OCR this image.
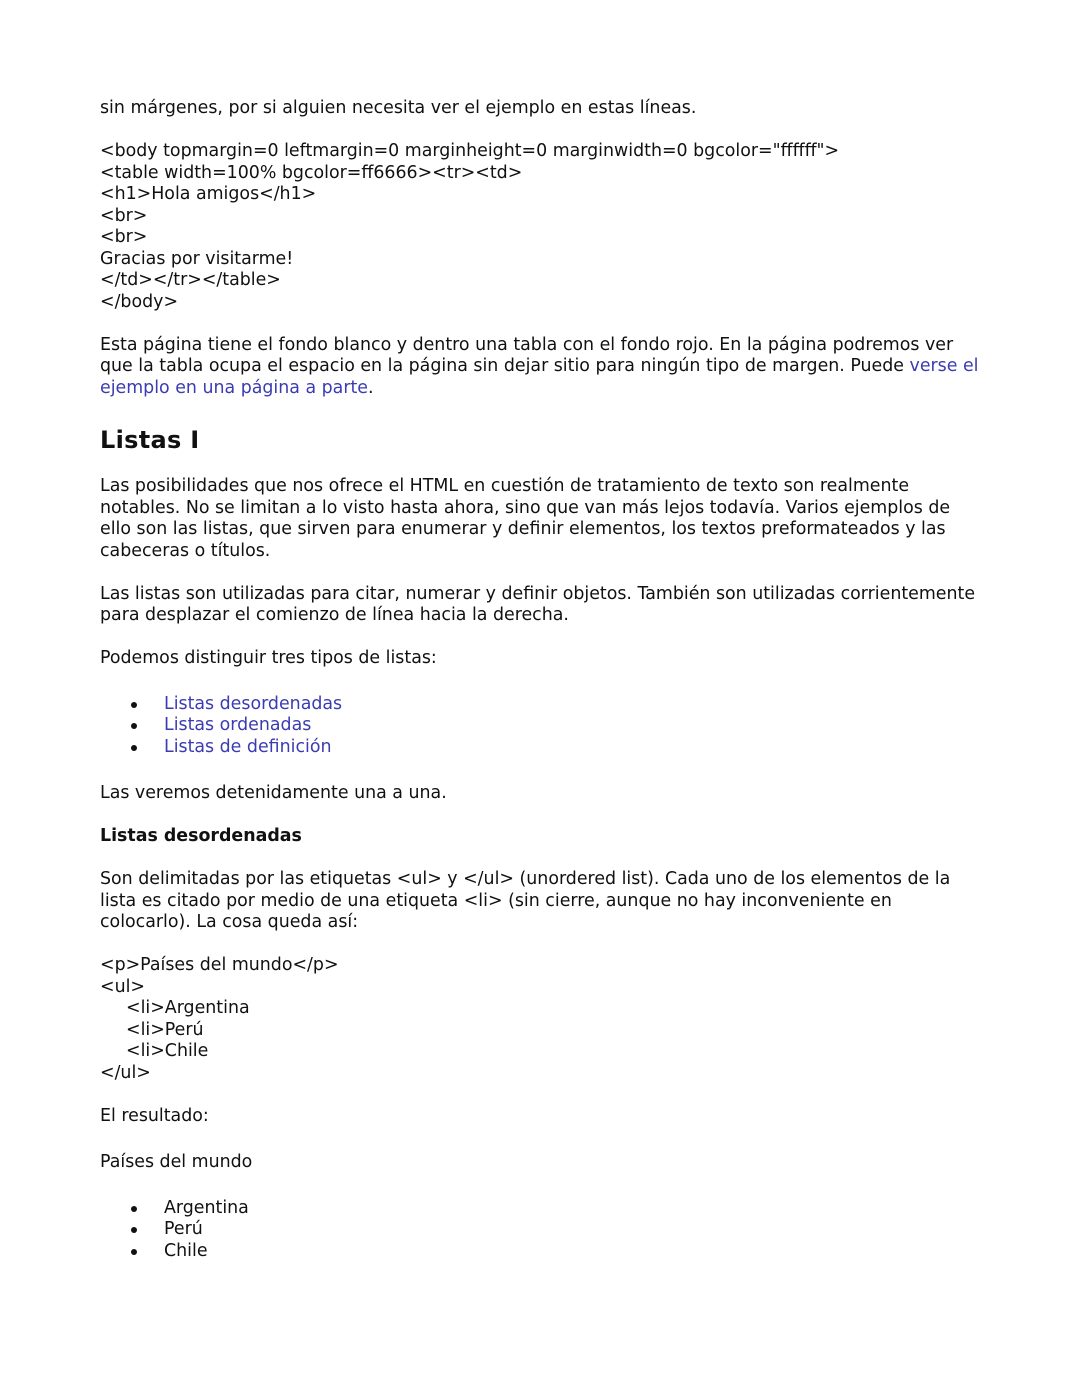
sin márgenes, por si alguien necesita ver el ejemplo en estas líneas.

<body topmargin=0 leftmargin=0 marginheight=0 marginwidth=0 bgcolor="ffffff">
<table width=100% bgcolor=ff6666><tr><td>
<h1>Hola amigos</h1>
<br>
<br>
Gracias por visitarme!
</td></tr></table>
</body>

Esta página tiene el fondo blanco y dentro una tabla con el fondo rojo. En la página podremos ver que la tabla ocupa el espacio en la página sin dejar sitio para ningún tipo de margen. Puede verse el ejemplo en una página a parte.

Listas I

Las posibilidades que nos ofrece el HTML en cuestión de tratamiento de texto son realmente notables. No se limitan a lo visto hasta ahora, sino que van más lejos todavía. Varios ejemplos de ello son las listas, que sirven para enumerar y definir elementos, los textos preformateados y las cabeceras o títulos.

Las listas son utilizadas para citar, numerar y definir objetos. También son utilizadas corrientemente para desplazar el comienzo de línea hacia la derecha.

Podemos distinguir tres tipos de listas:

Listas desordenadas
Listas ordenadas
Listas de definición

Las veremos detenidamente una a una.

Listas desordenadas

Son delimitadas por las etiquetas <ul> y </ul> (unordered list). Cada uno de los elementos de la lista es citado por medio de una etiqueta <li> (sin cierre, aunque no hay inconveniente en colocarlo). La cosa queda así:

<p>Países del mundo</p>
<ul>
<li>Argentina
<li>Perú
<li>Chile
</ul>

El resultado:

Países del mundo

Argentina
Perú
Chile
